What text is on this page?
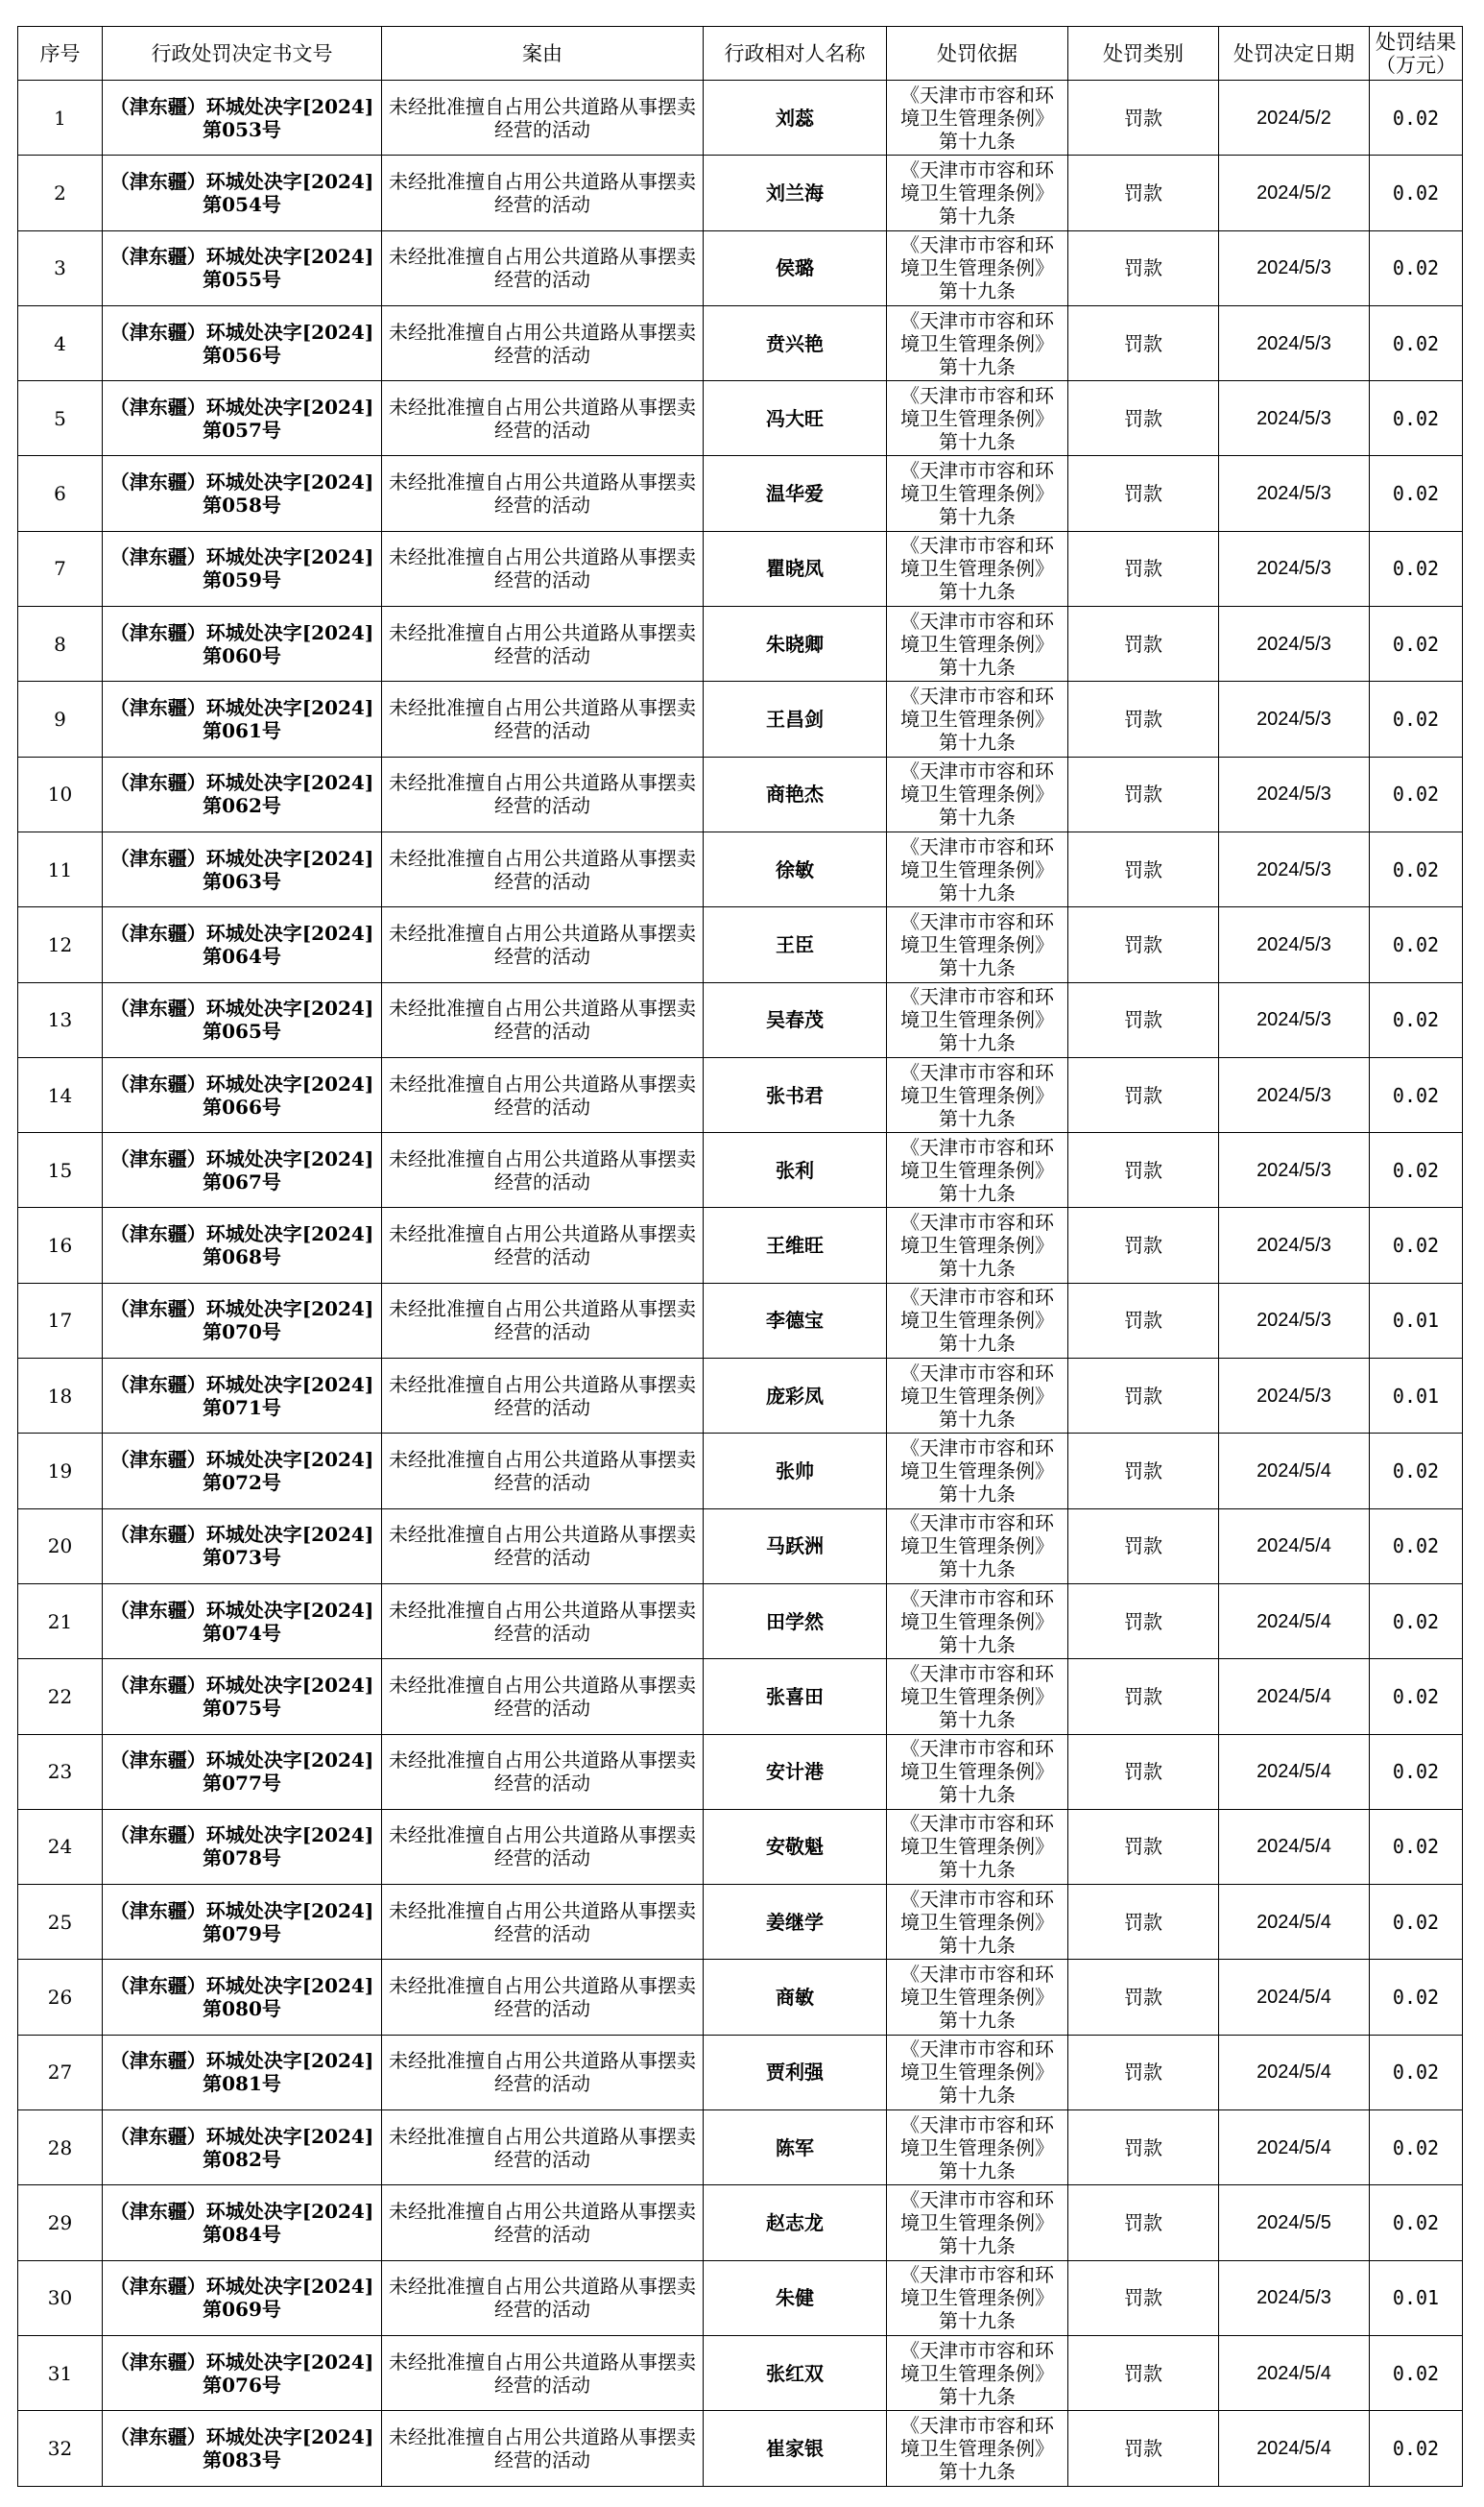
序号	行政处罚决定书文号	案由	行政相对人名称	处罚依据	处罚类别	处罚决定日期	处罚结果（万元）
1	（津东疆）环城处决字[2024]第053号	未经批准擅自占用公共道路从事摆卖经营的活动	刘蕊	《天津市市容和环境卫生管理条例》第十九条	罚款	2024/5/2	0.02
2	（津东疆）环城处决字[2024]第054号	未经批准擅自占用公共道路从事摆卖经营的活动	刘兰海	《天津市市容和环境卫生管理条例》第十九条	罚款	2024/5/2	0.02
3	（津东疆）环城处决字[2024]第055号	未经批准擅自占用公共道路从事摆卖经营的活动	侯璐	《天津市市容和环境卫生管理条例》第十九条	罚款	2024/5/3	0.02
4	（津东疆）环城处决字[2024]第056号	未经批准擅自占用公共道路从事摆卖经营的活动	贲兴艳	《天津市市容和环境卫生管理条例》第十九条	罚款	2024/5/3	0.02
5	（津东疆）环城处决字[2024]第057号	未经批准擅自占用公共道路从事摆卖经营的活动	冯大旺	《天津市市容和环境卫生管理条例》第十九条	罚款	2024/5/3	0.02
6	（津东疆）环城处决字[2024]第058号	未经批准擅自占用公共道路从事摆卖经营的活动	温华爱	《天津市市容和环境卫生管理条例》第十九条	罚款	2024/5/3	0.02
7	（津东疆）环城处决字[2024]第059号	未经批准擅自占用公共道路从事摆卖经营的活动	瞿晓凤	《天津市市容和环境卫生管理条例》第十九条	罚款	2024/5/3	0.02
8	（津东疆）环城处决字[2024]第060号	未经批准擅自占用公共道路从事摆卖经营的活动	朱晓卿	《天津市市容和环境卫生管理条例》第十九条	罚款	2024/5/3	0.02
9	（津东疆）环城处决字[2024]第061号	未经批准擅自占用公共道路从事摆卖经营的活动	王昌剑	《天津市市容和环境卫生管理条例》第十九条	罚款	2024/5/3	0.02
10	（津东疆）环城处决字[2024]第062号	未经批准擅自占用公共道路从事摆卖经营的活动	商艳杰	《天津市市容和环境卫生管理条例》第十九条	罚款	2024/5/3	0.02
11	（津东疆）环城处决字[2024]第063号	未经批准擅自占用公共道路从事摆卖经营的活动	徐敏	《天津市市容和环境卫生管理条例》第十九条	罚款	2024/5/3	0.02
12	（津东疆）环城处决字[2024]第064号	未经批准擅自占用公共道路从事摆卖经营的活动	王臣	《天津市市容和环境卫生管理条例》第十九条	罚款	2024/5/3	0.02
13	（津东疆）环城处决字[2024]第065号	未经批准擅自占用公共道路从事摆卖经营的活动	吴春茂	《天津市市容和环境卫生管理条例》第十九条	罚款	2024/5/3	0.02
14	（津东疆）环城处决字[2024]第066号	未经批准擅自占用公共道路从事摆卖经营的活动	张书君	《天津市市容和环境卫生管理条例》第十九条	罚款	2024/5/3	0.02
15	（津东疆）环城处决字[2024]第067号	未经批准擅自占用公共道路从事摆卖经营的活动	张利	《天津市市容和环境卫生管理条例》第十九条	罚款	2024/5/3	0.02
16	（津东疆）环城处决字[2024]第068号	未经批准擅自占用公共道路从事摆卖经营的活动	王维旺	《天津市市容和环境卫生管理条例》第十九条	罚款	2024/5/3	0.02
17	（津东疆）环城处决字[2024]第070号	未经批准擅自占用公共道路从事摆卖经营的活动	李德宝	《天津市市容和环境卫生管理条例》第十九条	罚款	2024/5/3	0.01
18	（津东疆）环城处决字[2024]第071号	未经批准擅自占用公共道路从事摆卖经营的活动	庞彩凤	《天津市市容和环境卫生管理条例》第十九条	罚款	2024/5/3	0.01
19	（津东疆）环城处决字[2024]第072号	未经批准擅自占用公共道路从事摆卖经营的活动	张帅	《天津市市容和环境卫生管理条例》第十九条	罚款	2024/5/4	0.02
20	（津东疆）环城处决字[2024]第073号	未经批准擅自占用公共道路从事摆卖经营的活动	马跃洲	《天津市市容和环境卫生管理条例》第十九条	罚款	2024/5/4	0.02
21	（津东疆）环城处决字[2024]第074号	未经批准擅自占用公共道路从事摆卖经营的活动	田学然	《天津市市容和环境卫生管理条例》第十九条	罚款	2024/5/4	0.02
22	（津东疆）环城处决字[2024]第075号	未经批准擅自占用公共道路从事摆卖经营的活动	张喜田	《天津市市容和环境卫生管理条例》第十九条	罚款	2024/5/4	0.02
23	（津东疆）环城处决字[2024]第077号	未经批准擅自占用公共道路从事摆卖经营的活动	安计港	《天津市市容和环境卫生管理条例》第十九条	罚款	2024/5/4	0.02
24	（津东疆）环城处决字[2024]第078号	未经批准擅自占用公共道路从事摆卖经营的活动	安敬魁	《天津市市容和环境卫生管理条例》第十九条	罚款	2024/5/4	0.02
25	（津东疆）环城处决字[2024]第079号	未经批准擅自占用公共道路从事摆卖经营的活动	姜继学	《天津市市容和环境卫生管理条例》第十九条	罚款	2024/5/4	0.02
26	（津东疆）环城处决字[2024]第080号	未经批准擅自占用公共道路从事摆卖经营的活动	商敏	《天津市市容和环境卫生管理条例》第十九条	罚款	2024/5/4	0.02
27	（津东疆）环城处决字[2024]第081号	未经批准擅自占用公共道路从事摆卖经营的活动	贾利强	《天津市市容和环境卫生管理条例》第十九条	罚款	2024/5/4	0.02
28	（津东疆）环城处决字[2024]第082号	未经批准擅自占用公共道路从事摆卖经营的活动	陈军	《天津市市容和环境卫生管理条例》第十九条	罚款	2024/5/4	0.02
29	（津东疆）环城处决字[2024]第084号	未经批准擅自占用公共道路从事摆卖经营的活动	赵志龙	《天津市市容和环境卫生管理条例》第十九条	罚款	2024/5/5	0.02
30	（津东疆）环城处决字[2024]第069号	未经批准擅自占用公共道路从事摆卖经营的活动	朱健	《天津市市容和环境卫生管理条例》第十九条	罚款	2024/5/3	0.01
31	（津东疆）环城处决字[2024]第076号	未经批准擅自占用公共道路从事摆卖经营的活动	张红双	《天津市市容和环境卫生管理条例》第十九条	罚款	2024/5/4	0.02
32	（津东疆）环城处决字[2024]第083号	未经批准擅自占用公共道路从事摆卖经营的活动	崔家银	《天津市市容和环境卫生管理条例》第十九条	罚款	2024/5/4	0.02
